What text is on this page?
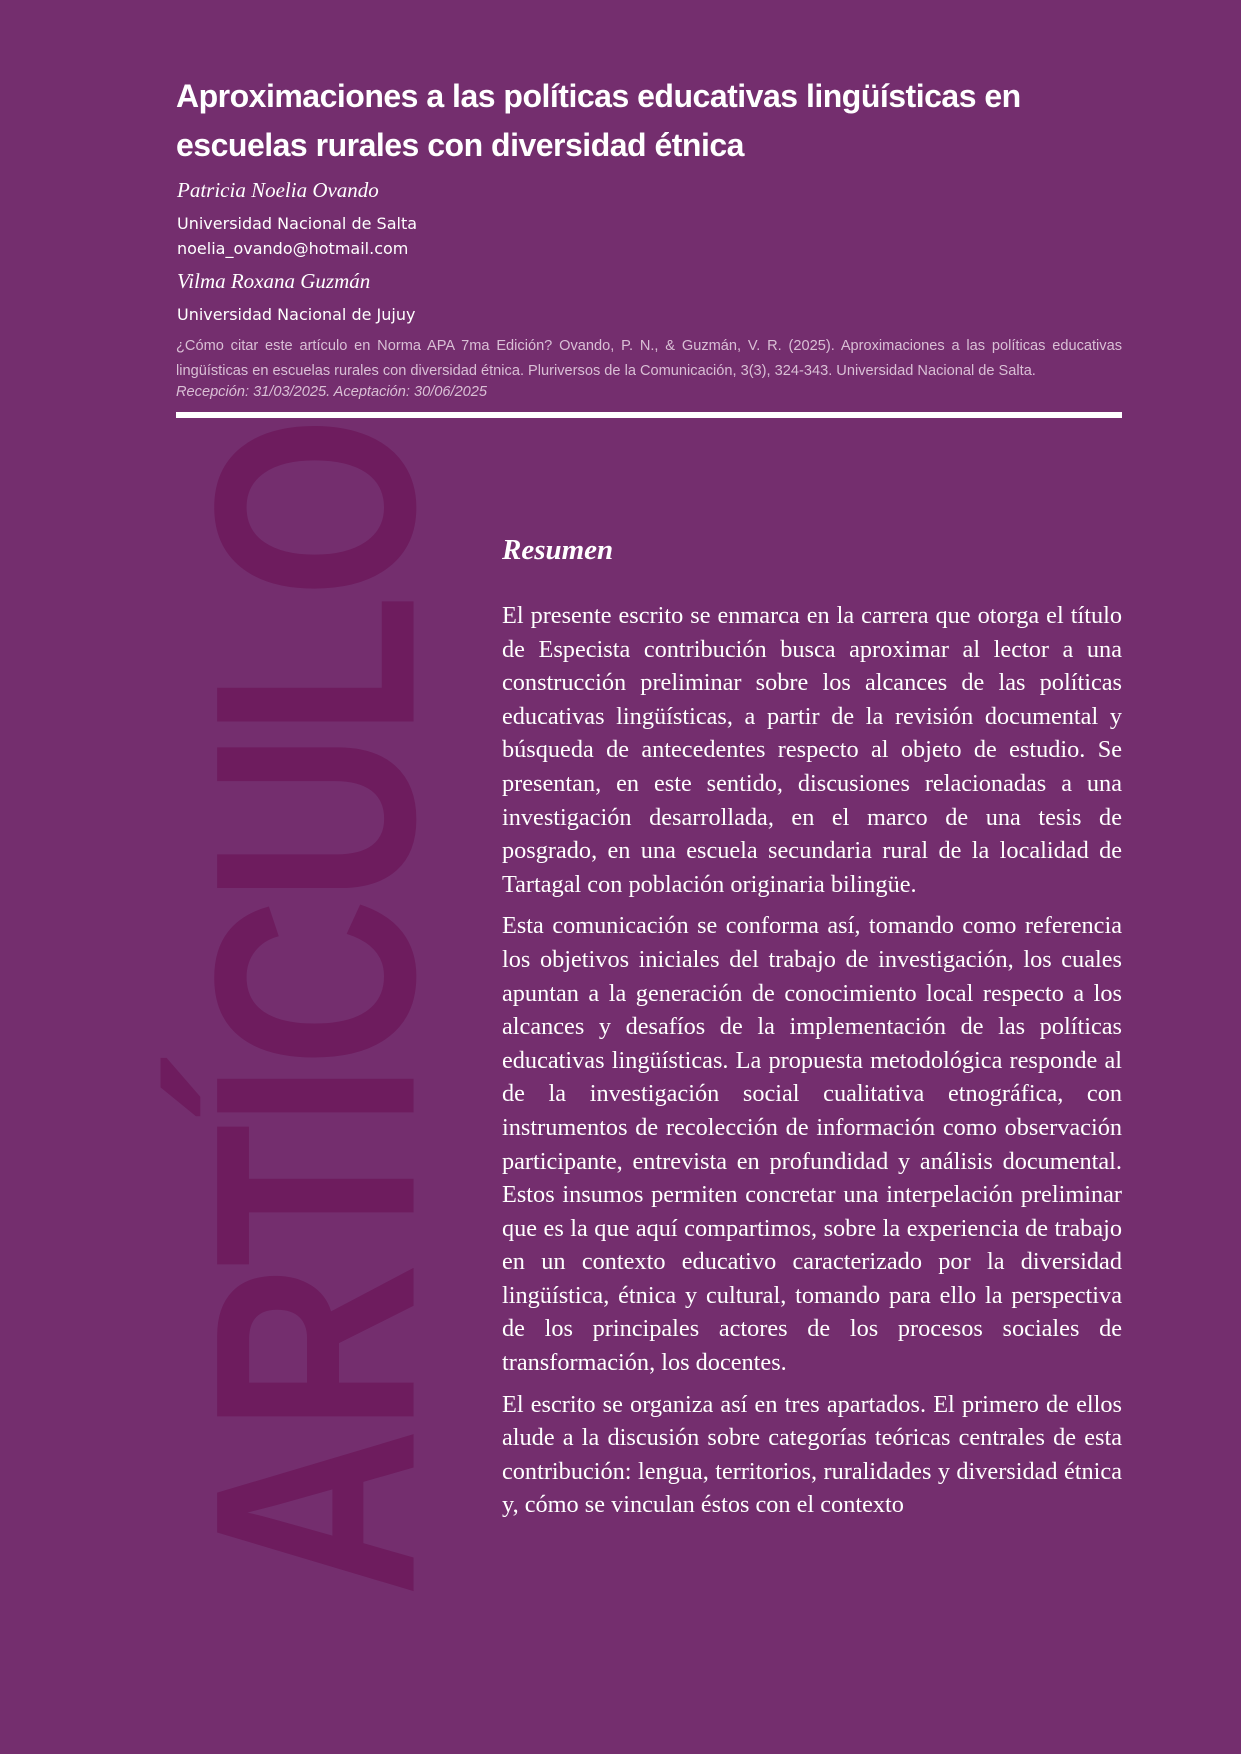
Aproximaciones a las políticas educativas lingüísticas en escuelas rurales con diversidad étnica

Patricia Noelia Ovando

Universidad Nacional de Salta

noelia_ovando@hotmail.com

Vilma Roxana Guzmán

Universidad Nacional de Jujuy

¿Cómo citar este artículo en Norma APA 7ma Edición? Ovando, P. N., & Guzmán, V. R. (2025). Aproximaciones a las políticas educativas lingüísticas en escuelas rurales con diversidad étnica. Pluriversos de la Comunicación, 3(3), 324-343. Universidad Nacional de Salta.

Recepción: 31/03/2025. Aceptación: 30/06/2025

ARTÍCULO Resumen

El presente escrito se enmarca en la carrera que otorga el título de Especista contribución busca aproximar al lector a una construcción preliminar sobre los alcances de las políticas educativas lingüísticas, a partir de la revisión documental y búsqueda de antecedentes respecto al objeto de estudio. Se presentan, en este sentido, discusiones relacionadas a una investigación desarrollada, en el marco de una tesis de posgrado, en una escuela secundaria rural de la localidad de Tartagal con población originaria bilingüe.

Esta comunicación se conforma así, tomando como referencia los objetivos iniciales del trabajo de investigación, los cuales apuntan a la generación de conocimiento local respecto a los alcances y desafíos de la implementación de las políticas educativas lingüísticas. La propuesta metodológica responde al de la investigación social cualitativa etnográfica, con instrumentos de recolección de información como observación participante, entrevista en profundidad y análisis documental. Estos insumos permiten concretar una interpelación preliminar que es la que aquí compartimos, sobre la experiencia de trabajo en un contexto educativo caracterizado por la diversidad lingüística, étnica y cultural, tomando para ello la perspectiva de los principales actores de los procesos sociales de transformación, los docentes.

El escrito se organiza así en tres apartados. El primero de ellos alude a la discusión sobre categorías teóricas centrales de esta contribución: lengua, territorios, ruralidades y diversidad étnica y, cómo se vinculan éstos con el contexto
